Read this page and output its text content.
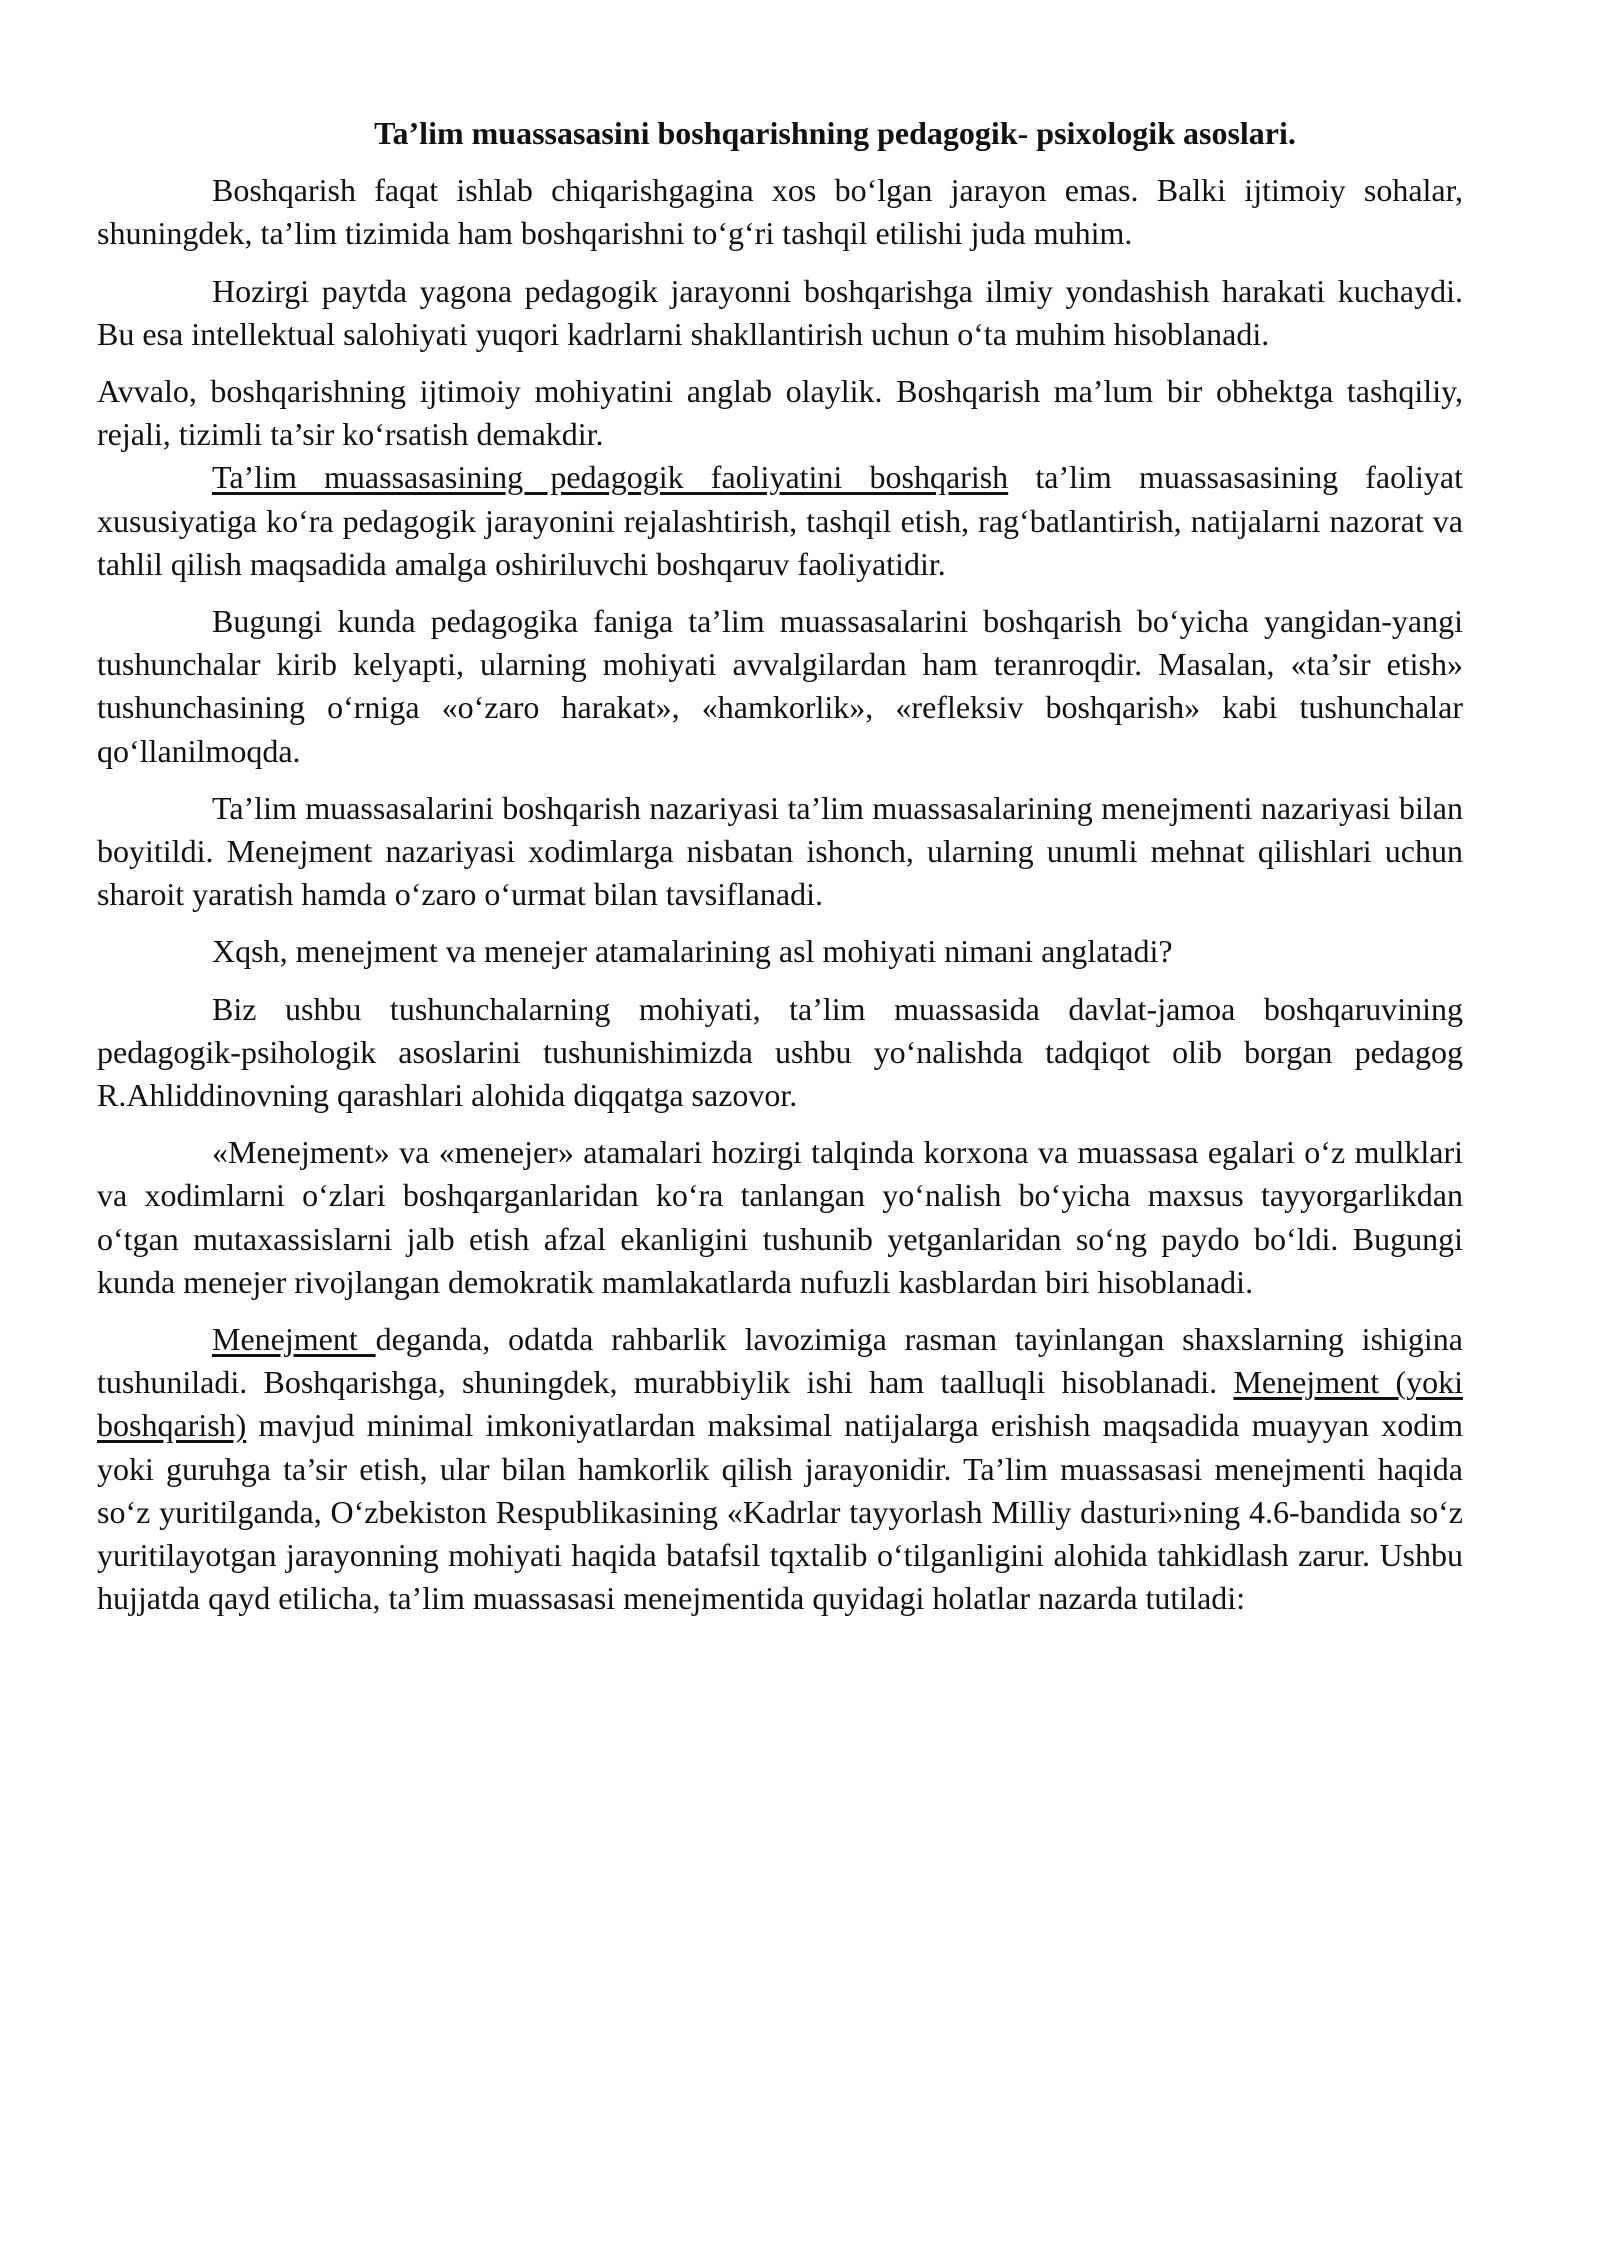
Ta’lim muassasasini boshqarishning pedagogik- psixologik asoslari.
Boshqarish faqat ishlab chiqarishgagina xos bo‘lgan jarayon emas. Balki ijtimoiy sohalar, shuningdek, ta’lim tizimida ham boshqarishni to‘g‘ri tashqil etilishi juda muhim.
Hozirgi paytda yagona pedagogik jarayonni boshqarishga ilmiy yondashish harakati kuchaydi. Bu esa intellektual salohiyati yuqori kadrlarni shakllantirish uchun o‘ta muhim hisoblanadi.
Avvalo, boshqarishning ijtimoiy mohiyatini anglab olaylik. Boshqarish ma’lum bir obhektga tashqiliy, rejali, tizimli ta’sir ko‘rsatish demakdir.
Ta’lim muassasasining pedagogik faoliyatini boshqarish ta’lim muassasasining faoliyat xususiyatiga ko‘ra pedagogik jarayonini rejalashtirish, tashqil etish, rag‘batlantirish, natijalarni nazorat va tahlil qilish maqsadida amalga oshiriluvchi boshqaruv faoliyatidir.
Bugungi kunda pedagogika faniga ta’lim muassasalarini boshqarish bo‘yicha yangidan-yangi tushunchalar kirib kelyapti, ularning mohiyati avvalgilardan ham teranroqdir. Masalan, «ta’sir etish» tushunchasining o‘rniga «o‘zaro harakat», «hamkorlik», «refleksiv boshqarish» kabi tushunchalar qo‘llanilmoqda.
Ta’lim muassasalarini boshqarish nazariyasi ta’lim muassasalarining menejmenti nazariyasi bilan boyitildi. Menejment nazariyasi xodimlarga nisbatan ishonch, ularning unumli mehnat qilishlari uchun sharoit yaratish hamda o‘zaro o‘urmat bilan tavsiflanadi.
Xqsh, menejment va menejer atamalarining asl mohiyati nimani anglatadi?
Biz ushbu tushunchalarning mohiyati, ta’lim muassasida davlat-jamoa boshqaruvining pedagogik-psihologik asoslarini tushunishimizda ushbu yo‘nalishda tadqiqot olib borgan pedagog R.Ahliddinovning qarashlari alohida diqqatga sazovor.
«Menejment» va «menejer» atamalari hozirgi talqinda korxona va muassasa egalari o‘z mulklari va xodimlarni o‘zlari boshqarganlaridan ko‘ra tanlangan yo‘nalish bo‘yicha maxsus tayyorgarlikdan o‘tgan mutaxassislarni jalb etish afzal ekanligini tushunib yetganlaridan so‘ng paydo bo‘ldi. Bugungi kunda menejer rivojlangan demokratik mamlakatlarda nufuzli kasblardan biri hisoblanadi.
Menejment deganda, odatda rahbarlik lavozimiga rasman tayinlangan shaxslarning ishigina tushuniladi. Boshqarishga, shuningdek, murabbiylik ishi ham taalluqli hisoblanadi. Menejment (yoki boshqarish) mavjud minimal imkoniyatlardan maksimal natijalarga erishish maqsadida muayyan xodim yoki guruhga ta’sir etish, ular bilan hamkorlik qilish jarayonidir. Ta’lim muassasasi menejmenti haqida so‘z yuritilganda, O‘zbekiston Respublikasining «Kadrlar tayyorlash Milliy dasturi»ning 4.6-bandida so‘z yuritilayotgan jarayonning mohiyati haqida batafsil tqxtalib o‘tilganligini alohida tahkidlash zarur. Ushbu hujjatda qayd etilicha, ta’lim muassasasi menejmentida quyidagi holatlar nazarda tutiladi:
